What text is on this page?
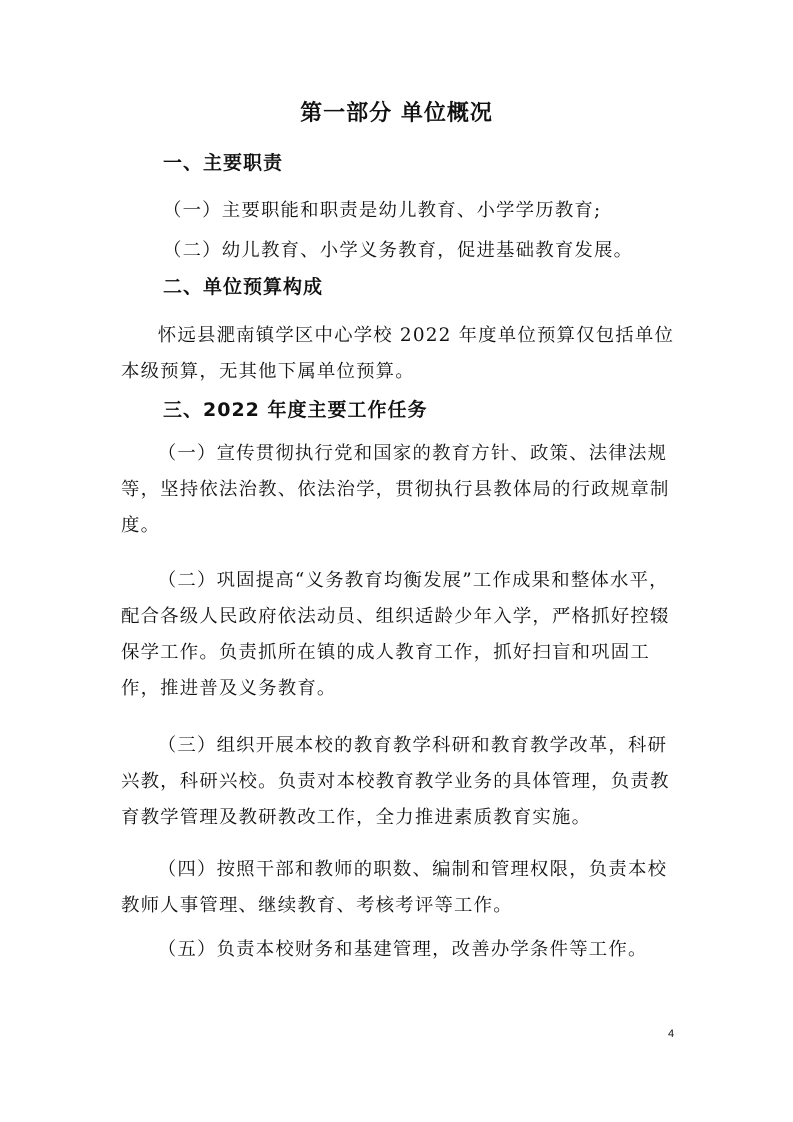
第一部分 单位概况
一、主要职责
（一）主要职能和职责是幼儿教育、小学学历教育;
（二）幼儿教育、小学义务教育，促进基础教育发展。
二、单位预算构成

怀远县淝南镇学区中心学校 2022 年度单位预算仅包括单位本级预算，无其他下属单位预算。

三、2022 年度主要工作任务

（一）宣传贯彻执行党和国家的教育方针、政策、法律法规等，坚持依法治教、依法治学，贯彻执行县教体局的行政规章制度。

（二）巩固提高“义务教育均衡发展”工作成果和整体水平，配合各级人民政府依法动员、组织适龄少年入学，严格抓好控辍保学工作。负责抓所在镇的成人教育工作，抓好扫盲和巩固工作，推进普及义务教育。

（三）组织开展本校的教育教学科研和教育教学改革，科研兴教，科研兴校。负责对本校教育教学业务的具体管理，负责教育教学管理及教研教改工作，全力推进素质教育实施。

（四）按照干部和教师的职数、编制和管理权限，负责本校教师人事管理、继续教育、考核考评等工作。

（五）负责本校财务和基建管理，改善办学条件等工作。

4
